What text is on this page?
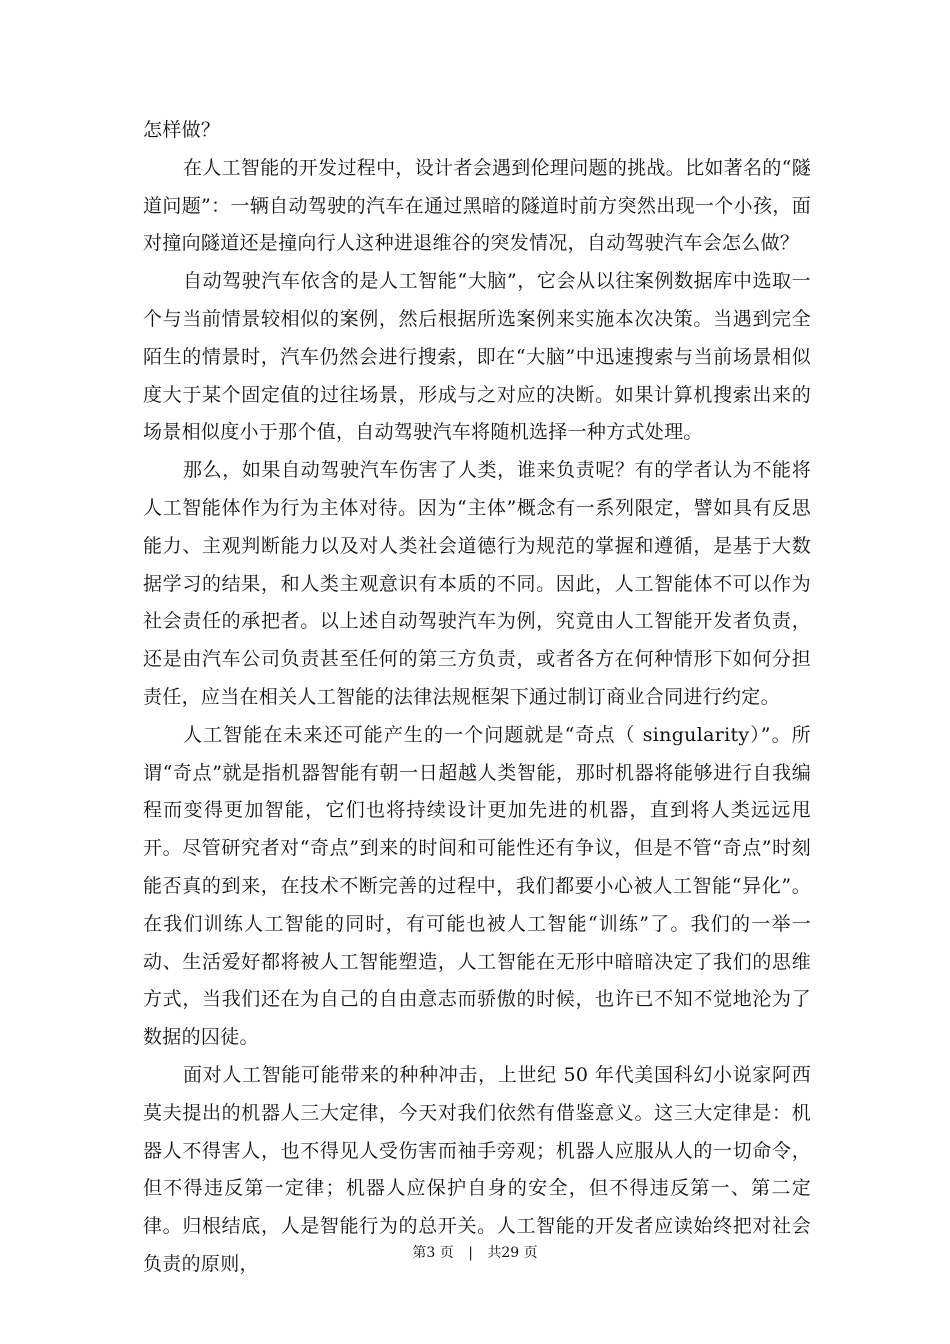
怎样做？

在人工智能的开发过程中，设计者会遇到伦理问题的挑战。比如著名的“隧道问题”：一辆自动驾驶的汽车在通过黑暗的隧道时前方突然出现一个小孩，面对撞向隧道还是撞向行人这种进退维谷的突发情况，自动驾驶汽车会怎么做？

自动驾驶汽车依含的是人工智能“大脑”，它会从以往案例数据库中选取一个与当前情景较相似的案例，然后根据所选案例来实施本次决策。当遇到完全陌生的情景时，汽车仍然会进行搜索，即在“大脑”中迅速搜索与当前场景相似度大于某个固定值的过往场景，形成与之对应的决断。如果计算机搜索出来的场景相似度小于那个值，自动驾驶汽车将随机选择一种方式处理。

那么，如果自动驾驶汽车伤害了人类，谁来负责呢？有的学者认为不能将人工智能体作为行为主体对待。因为“主体”概念有一系列限定，譬如具有反思能力、主观判断能力以及对人类社会道德行为规范的掌握和遵循，是基于大数据学习的结果，和人类主观意识有本质的不同。因此，人工智能体不可以作为社会责任的承把者。以上述自动驾驶汽车为例，究竟由人工智能开发者负责，还是由汽车公司负责甚至任何的第三方负责，或者各方在何种情形下如何分担责任，应当在相关人工智能的法律法规框架下通过制订商业合同进行约定。

人工智能在未来还可能产生的一个问题就是“奇点（ singularity）”。所谓“奇点”就是指机器智能有朝一日超越人类智能，那时机器将能够进行自我编程而变得更加智能，它们也将持续设计更加先进的机器，直到将人类远远甩开。尽管研究者对“奇点”到来的时间和可能性还有争议，但是不管“奇点”时刻能否真的到来，在技术不断完善的过程中，我们都要小心被人工智能“异化”。在我们训练人工智能的同时，有可能也被人工智能“训练”了。我们的一举一动、生活爱好都将被人工智能塑造，人工智能在无形中暗暗决定了我们的思维方式，当我们还在为自己的自由意志而骄傲的时候，也许已不知不觉地沦为了数据的囚徒。

面对人工智能可能带来的种种冲击，上世纪 50 年代美国科幻小说家阿西莫夫提出的机器人三大定律，今天对我们依然有借鉴意义。这三大定律是：机器人不得害人，也不得见人受伤害而袖手旁观；机器人应服从人的一切命令，但不得违反第一定律；机器人应保护自身的安全，但不得违反第一、第二定律。归根结底，人是智能行为的总开关。人工智能的开发者应读始终把对社会负责的原则，	第3 页 | 共29 页
